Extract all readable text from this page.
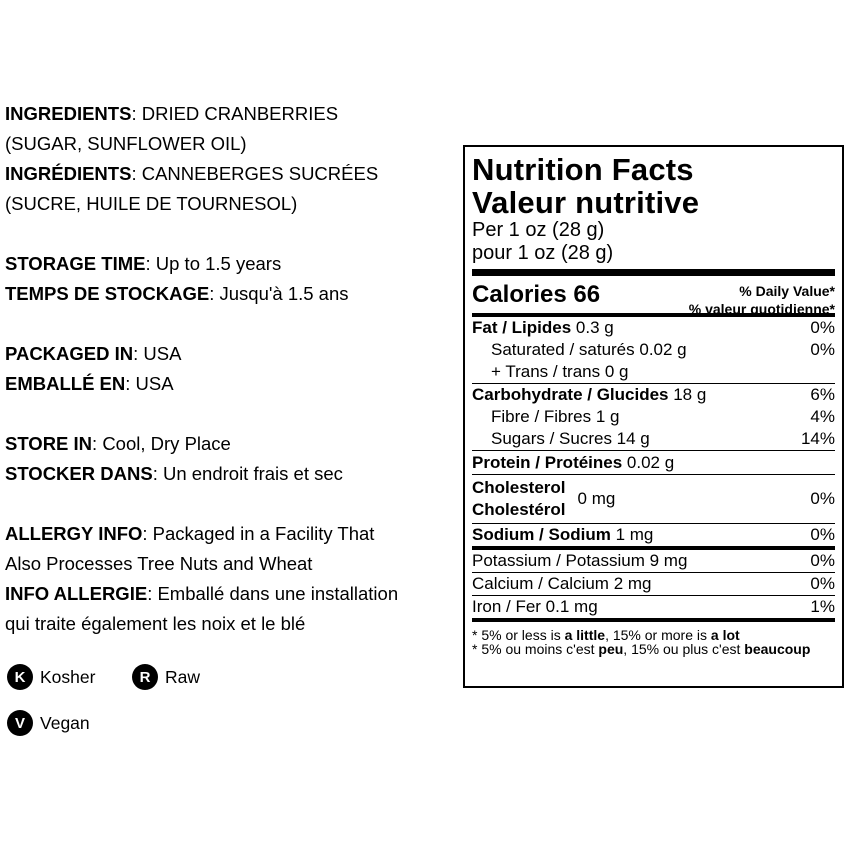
INGREDIENTS: DRIED CRANBERRIES
(SUGAR, SUNFLOWER OIL)
INGRÉDIENTS: CANNEBERGES SUCRÉES
(SUCRE, HUILE DE TOURNESOL)
STORAGE TIME: Up to 1.5 years
TEMPS DE STOCKAGE: Jusqu'à 1.5 ans
PACKAGED IN: USA
EMBALLÉ EN: USA
STORE IN: Cool, Dry Place
STOCKER DANS: Un endroit frais et sec
ALLERGY INFO: Packaged in a Facility That
Also Processes Tree Nuts and Wheat
INFO ALLERGIE: Emballé dans une installation
qui traite également les noix et le blé
K Kosher	R Raw
V Vegan
Nutrition Facts
Valeur nutritive
Per 1 oz (28 g)
pour 1 oz (28 g)
Calories 66	% Daily Value*
% valeur quotidienne*
Fat / Lipides 0.3 g	0%
Saturated / saturés 0.02 g	0%
+ Trans / trans 0 g
Carbohydrate / Glucides 18 g	6%
Fibre / Fibres 1 g	4%
Sugars / Sucres 14 g	14%
Protein / Protéines 0.02 g
Cholesterol
Cholestérol
0 mg	0%
Sodium / Sodium 1 mg	0%
Potassium / Potassium 9 mg	0%
Calcium / Calcium 2 mg	0%
Iron / Fer 0.1 mg	1%
* 5% or less is a little, 15% or more is a lot
* 5% ou moins c'est peu, 15% ou plus c'est beaucoup
